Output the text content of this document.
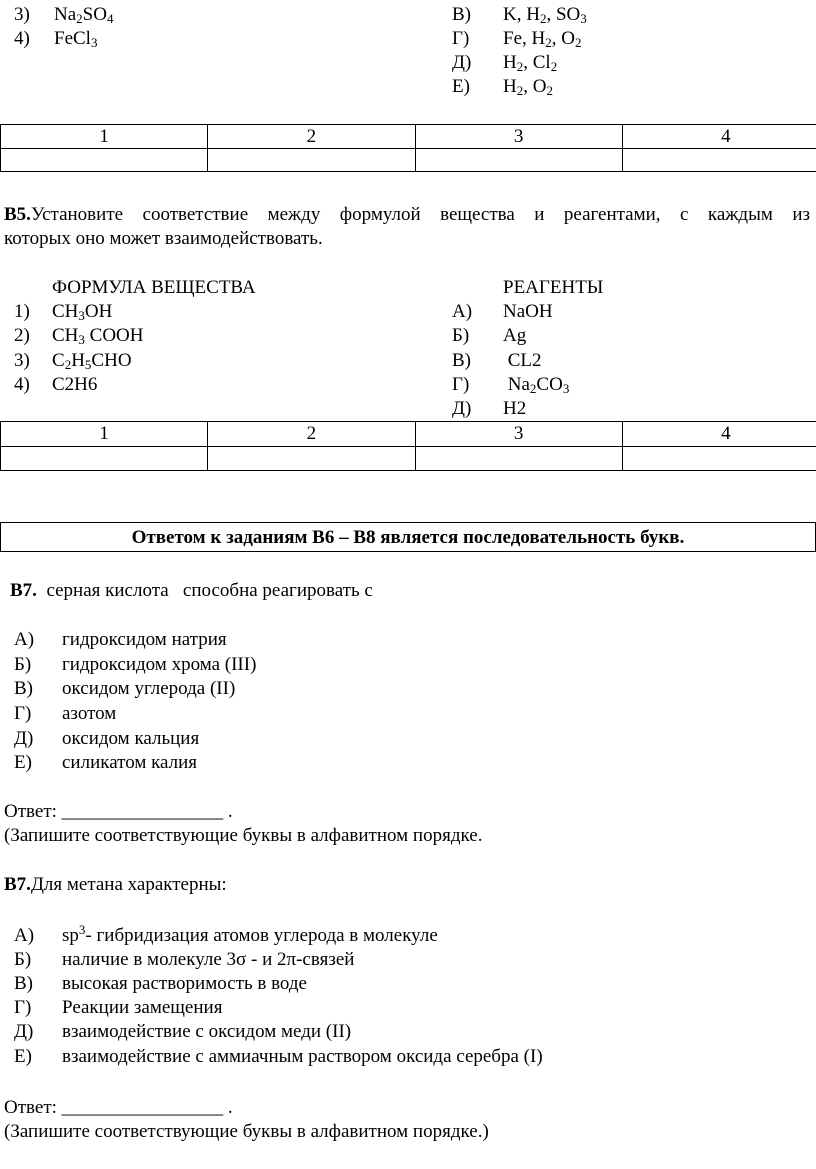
3) $Na_2SO_4$
4) FeCl$_3$
В) K, $H_2$, $SO_3$
Г) Fe, $H_2$, $O_2$
Д) $H_2$, $Cl_2$
Е) $H_2$, $O_2$
1	2	3	4

В5.Установите соответствие между формулой вещества и реагентами, с каждым из
которых оно может взаимодействовать.
ФОРМУЛА ВЕЩЕСТВА	РЕАГЕНТЫ
1) $CH_3OH$
2) $CH_3$ COOH
3) $C_2H_5CHO$
4) C2H6
А) NaOH
Б) Ag
В) CL2
Г) $Na_2CO_3$
Д) H2
1	2	3	4

Ответом к заданиям В6 – В8 является последовательность букв.
В7.  серная кислота   способна реагировать с
А) гидроксидом натрия
Б) гидроксидом хрома (III)
В) оксидом углерода (II)
Г) азотом
Д) оксидом кальция
Е) силикатом калия
Ответ: _________________ .
(Запишите соответствующие буквы в алфавитном порядке.
В7.Для метана характерны:
А) $sp^3-$ гибридизация атомов углерода в молекуле
Б) наличие в молекуле 3σ - и 2π-связей
В) высокая растворимость в воде
Г) Реакции замещения
Д) взаимодействие с оксидом меди (II)
Е) взаимодействие с аммиачным раствором оксида серебра (I)
Ответ: _________________ .
(Запишите соответствующие буквы в алфавитном порядке.)
